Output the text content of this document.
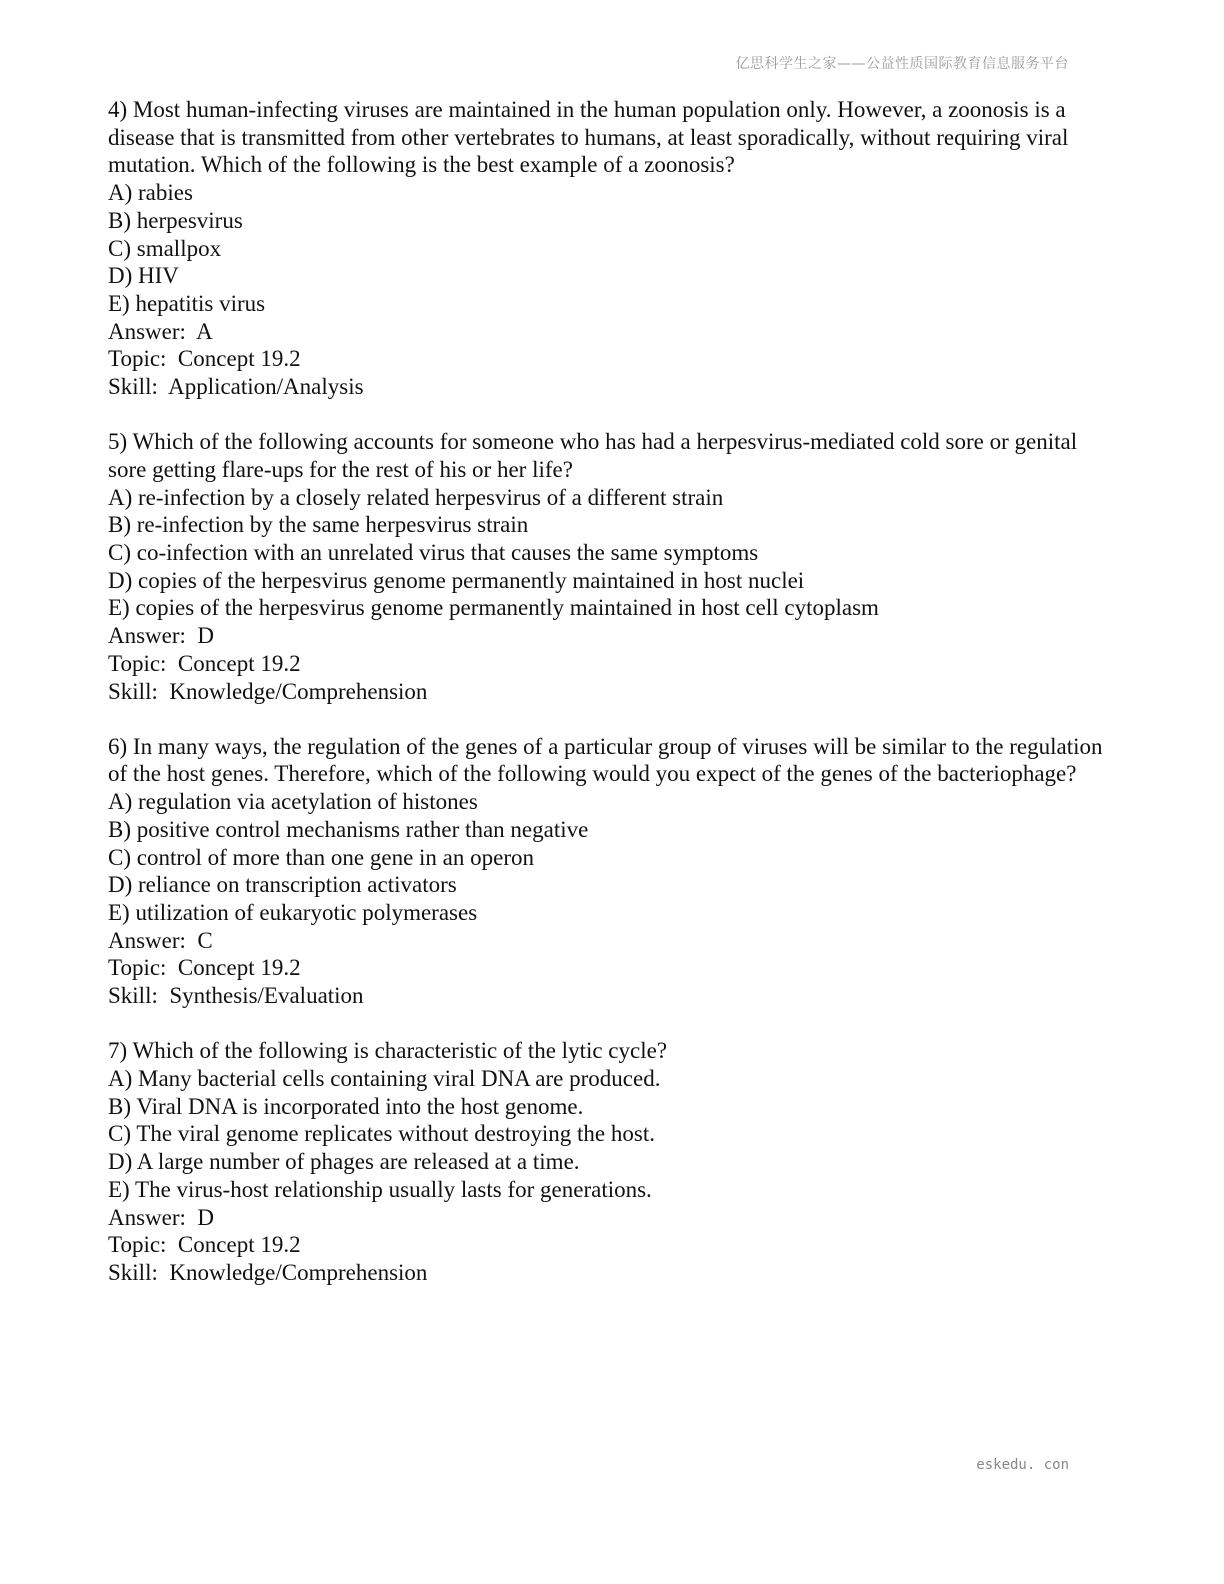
亿思科学生之家——公益性质国际教育信息服务平台
4) Most human-infecting viruses are maintained in the human population only. However, a zoonosis is a disease that is transmitted from other vertebrates to humans, at least sporadically, without requiring viral mutation. Which of the following is the best example of a zoonosis?
A) rabies
B) herpesvirus
C) smallpox
D) HIV
E) hepatitis virus
Answer:  A
Topic:  Concept 19.2
Skill:  Application/Analysis
5) Which of the following accounts for someone who has had a herpesvirus-mediated cold sore or genital sore getting flare-ups for the rest of his or her life?
A) re-infection by a closely related herpesvirus of a different strain
B) re-infection by the same herpesvirus strain
C) co-infection with an unrelated virus that causes the same symptoms
D) copies of the herpesvirus genome permanently maintained in host nuclei
E) copies of the herpesvirus genome permanently maintained in host cell cytoplasm
Answer:  D
Topic:  Concept 19.2
Skill:  Knowledge/Comprehension
6) In many ways, the regulation of the genes of a particular group of viruses will be similar to the regulation of the host genes. Therefore, which of the following would you expect of the genes of the bacteriophage?
A) regulation via acetylation of histones
B) positive control mechanisms rather than negative
C) control of more than one gene in an operon
D) reliance on transcription activators
E) utilization of eukaryotic polymerases
Answer:  C
Topic:  Concept 19.2
Skill:  Synthesis/Evaluation
7) Which of the following is characteristic of the lytic cycle?
A) Many bacterial cells containing viral DNA are produced.
B) Viral DNA is incorporated into the host genome.
C) The viral genome replicates without destroying the host.
D) A large number of phages are released at a time.
E) The virus-host relationship usually lasts for generations.
Answer:  D
Topic:  Concept 19.2
Skill:  Knowledge/Comprehension
eskedu. con
